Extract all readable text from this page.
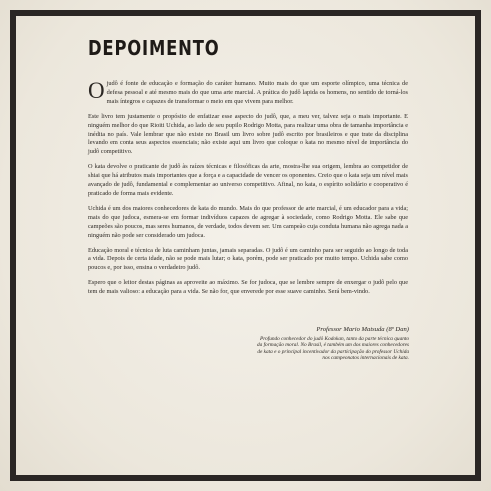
DEPOIMENTO

Ojudô é fonte de educação e formação do caráter humano. Muito mais do que um esporte olímpico, uma técnica de defesa pessoal e até mesmo mais do que uma arte marcial. A prática do judô lapida os homens, no sentido de torná-los mais íntegros e capazes de transformar o meio em que vivem para melhor.

Este livro tem justamente o propósito de enfatizar esse aspecto do judô, que, a meu ver, talvez seja o mais importante. E ninguém melhor do que Rioiti Uchida, ao lado de seu pupilo Rodrigo Motta, para realizar uma obra de tamanha importância e inédita no país. Vale lembrar que não existe no Brasil um livro sobre judô escrito por brasileiros e que trate da disciplina levando em conta seus aspectos essenciais; não existe aqui um livro que coloque o kata no mesmo nível de importância do judô competitivo.

O kata devolve o praticante de judô às raízes técnicas e filosóficas da arte, mostra-lhe sua origem, lembra ao competidor de shiai que há atributos mais importantes que a força e a capacidade de vencer os oponentes. Creio que o kata seja um nível mais avançado de judô, fundamental e complementar ao universo competitivo. Afinal, no kata, o espírito solidário e cooperativo é praticado de forma mais evidente.

Uchida é um dos maiores conhecedores de kata do mundo. Mais do que professor de arte marcial, é um educador para a vida; mais do que judoca, esmera-se em formar indivíduos capazes de agregar à sociedade, como Rodrigo Motta. Ele sabe que campeões são poucos, mas seres humanos, de verdade, todos devem ser. Um campeão cuja conduta humana não agrega nada a ninguém não pode ser considerado um judoca.

Educação moral e técnica de luta caminham juntas, jamais separadas. O judô é um caminho para ser seguido ao longo de toda a vida. Depois de certa idade, não se pode mais lutar; o kata, porém, pode ser praticado por muito tempo. Uchida sabe como poucos e, por isso, ensina o verdadeiro judô.

Espero que o leitor destas páginas as aproveite ao máximo. Se for judoca, que se lembre sempre de enxergar o judô pelo que tem de mais valioso: a educação para a vida. Se não for, que enverede por esse suave caminho. Será bem-vindo.

Professor Mario Matsuda (8º Dan)
Profundo conhecedor do judô Kodokan, tanto da parte técnica quanto da formação moral. No Brasil, é também um dos maiores conhecedores de kata e o principal incentivador da participação do professor Uchida nos campeonatos internacionais de kata.
